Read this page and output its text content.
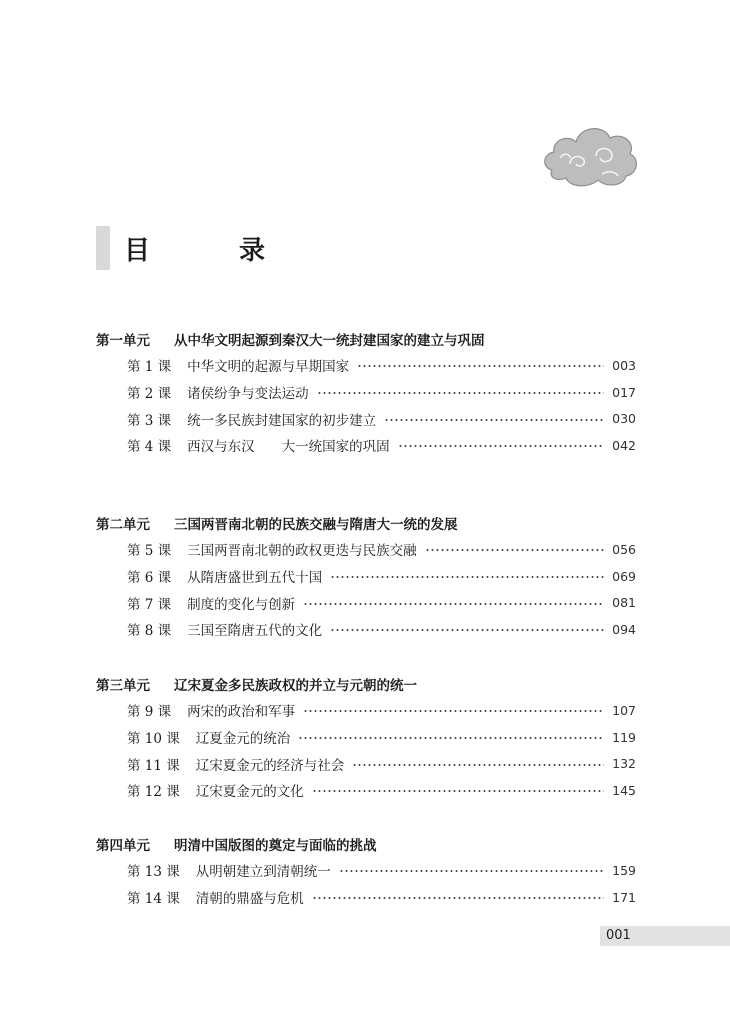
目 录
第一单元 从中华文明起源到秦汉大一统封建国家的建立与巩固
第 1 课 中华文明的起源与早期国家	003
第 2 课 诸侯纷争与变法运动	017
第 3 课 统一多民族封建国家的初步建立	030
第 4 课 西汉与东汉　　大一统国家的巩固	042
第二单元 三国两晋南北朝的民族交融与隋唐大一统的发展
第 5 课 三国两晋南北朝的政权更迭与民族交融	056
第 6 课 从隋唐盛世到五代十国	069
第 7 课 制度的变化与创新	081
第 8 课 三国至隋唐五代的文化	094
第三单元 辽宋夏金多民族政权的并立与元朝的统一
第 9 课 两宋的政治和军事	107
第 10 课 辽夏金元的统治	119
第 11 课 辽宋夏金元的经济与社会	132
第 12 课 辽宋夏金元的文化	145
第四单元 明清中国版图的奠定与面临的挑战
第 13 课 从明朝建立到清朝统一	159
第 14 课 清朝的鼎盛与危机	171
001
